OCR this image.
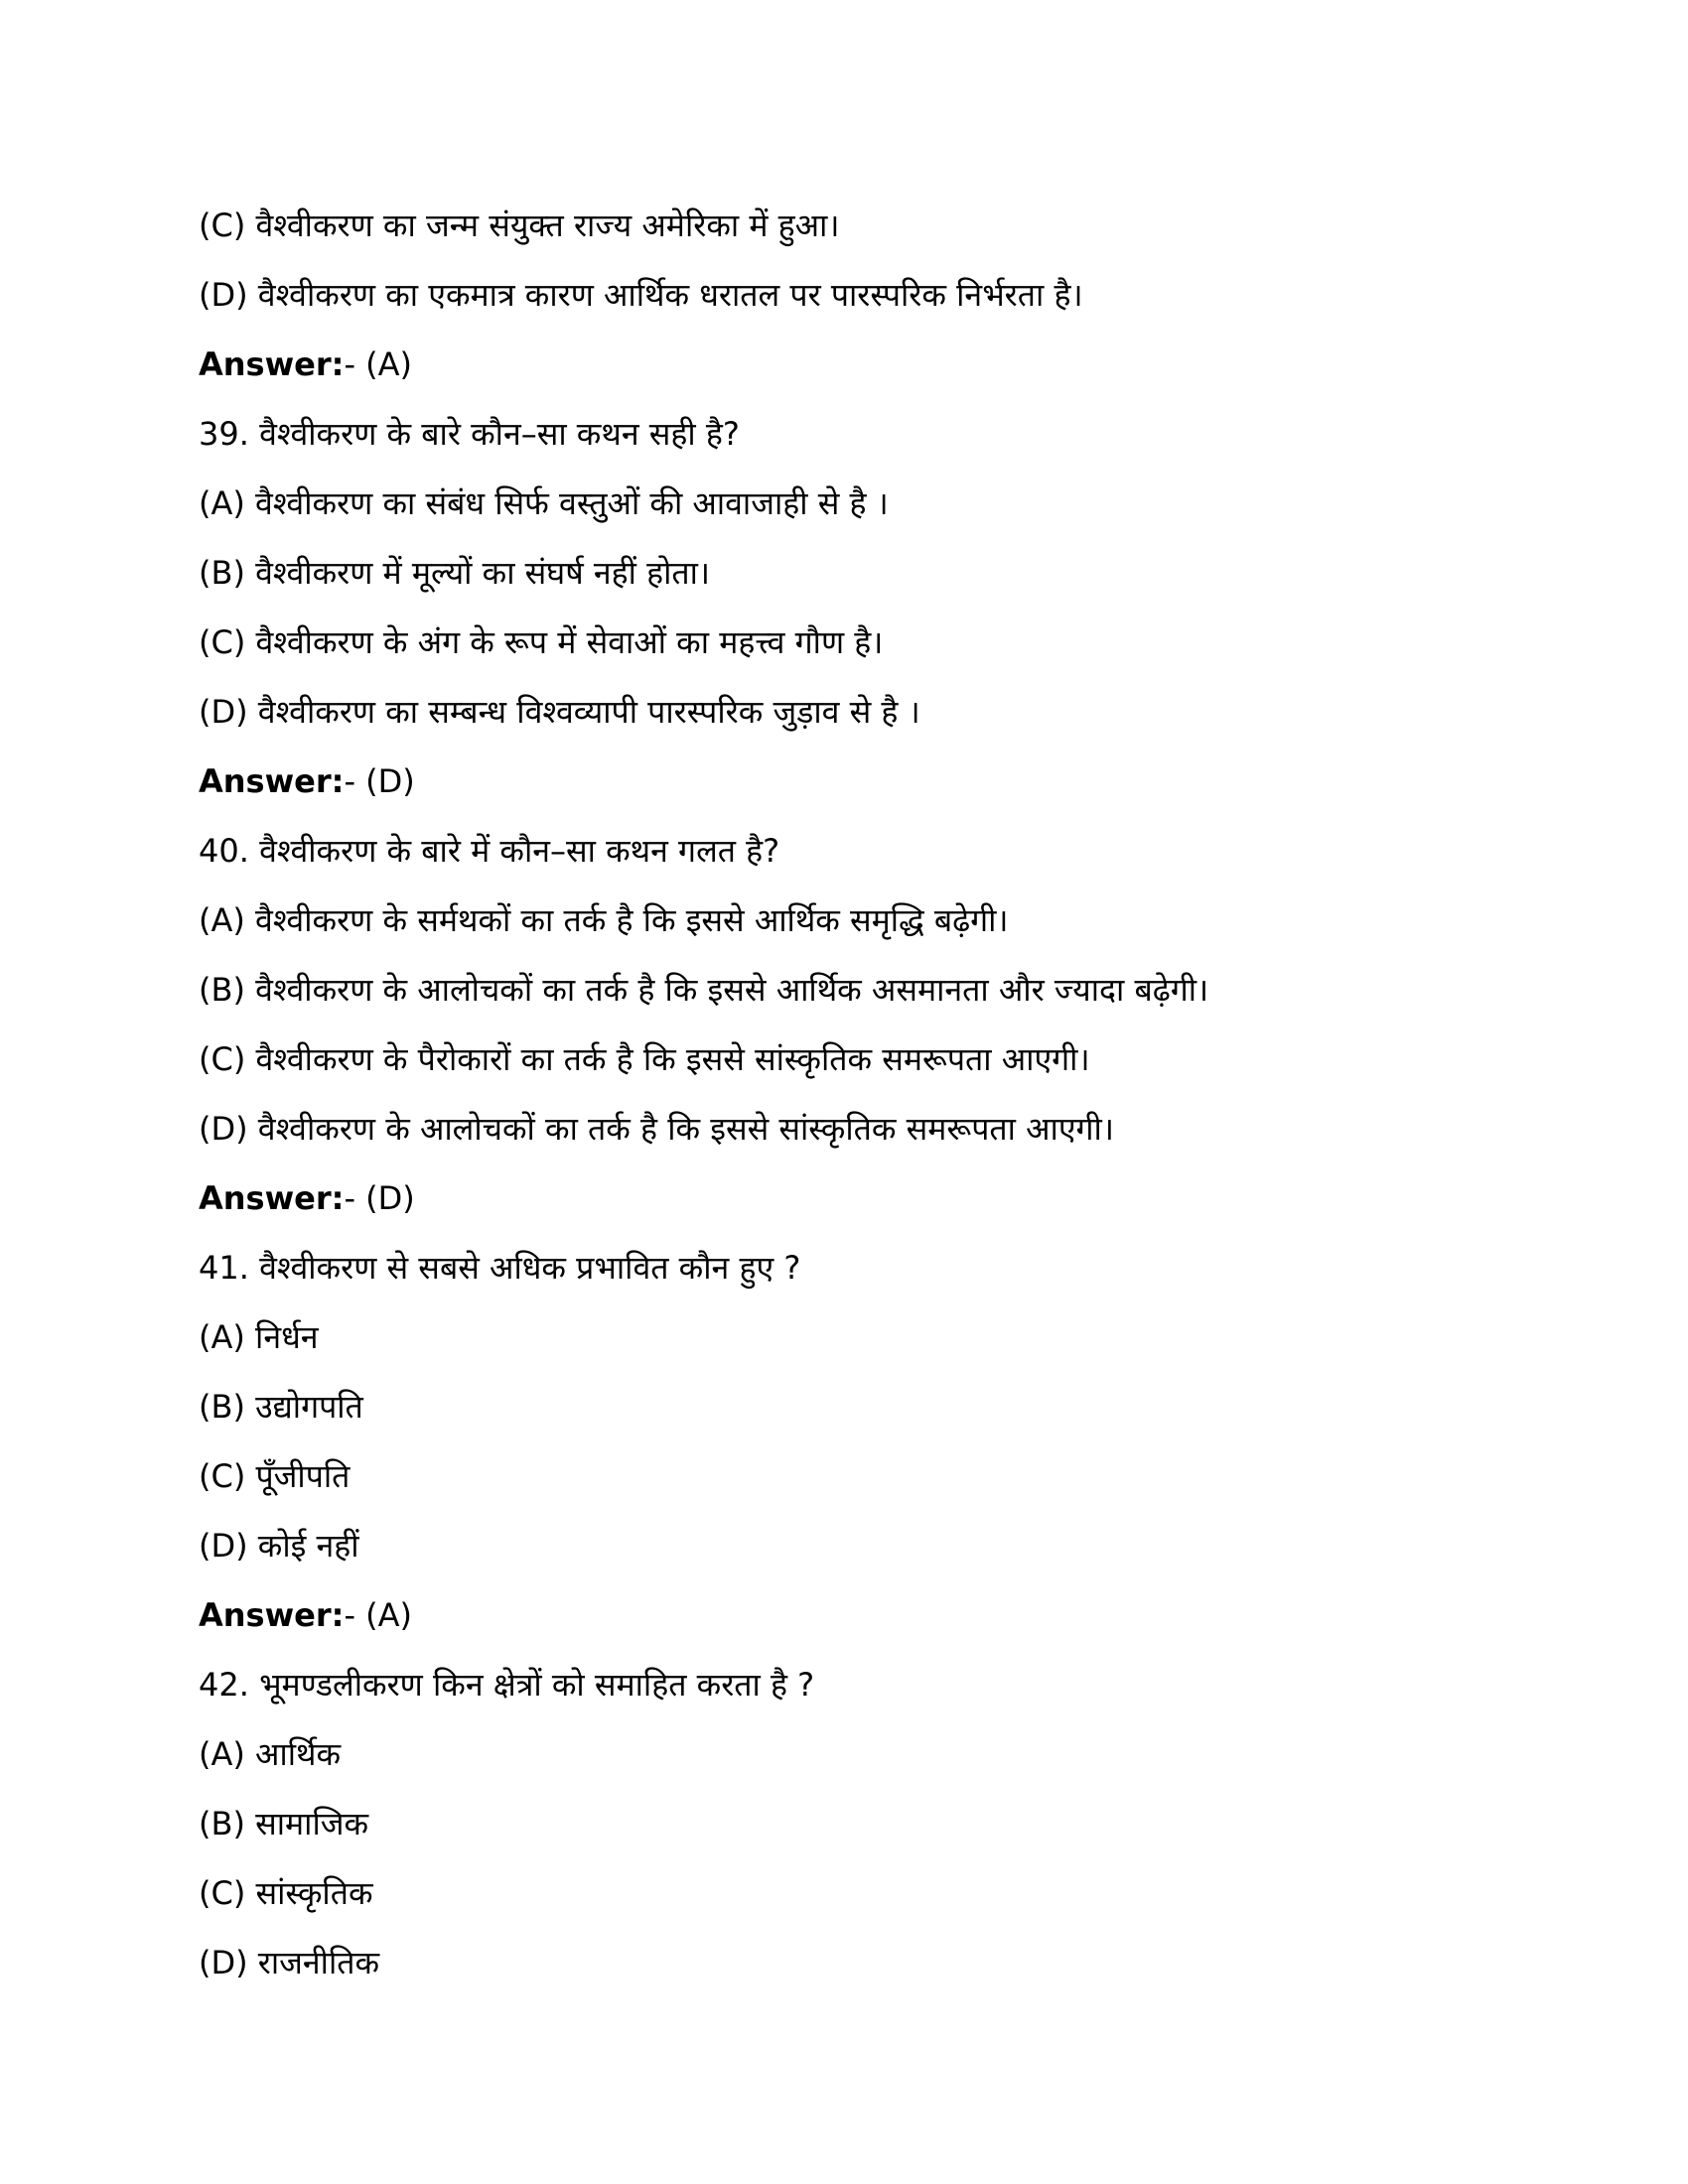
(C) वैश्वीकरण का जन्म संयुक्त राज्य अमेरिका में हुआ।
(D) वैश्वीकरण का एकमात्र कारण आर्थिक धरातल पर पारस्परिक निर्भरता है।
Answer:- (A)
39. वैश्वीकरण के बारे कौन–सा कथन सही है?
(A) वैश्वीकरण का संबंध सिर्फ वस्तुओं की आवाजाही से है ।
(B) वैश्वीकरण में मूल्यों का संघर्ष नहीं होता।
(C) वैश्वीकरण के अंग के रूप में सेवाओं का महत्त्व गौण है।
(D) वैश्वीकरण का सम्बन्ध विश्वव्यापी पारस्परिक जुड़ाव से है ।
Answer:- (D)
40. वैश्वीकरण के बारे में कौन–सा कथन गलत है?
(A) वैश्वीकरण के सर्मथकों का तर्क है कि इससे आर्थिक समृद्धि बढ़ेगी।
(B) वैश्वीकरण के आलोचकों का तर्क है कि इससे आर्थिक असमानता और ज्यादा बढ़ेगी।
(C) वैश्वीकरण के पैरोकारों का तर्क है कि इससे सांस्कृतिक समरूपता आएगी।
(D) वैश्वीकरण के आलोचकों का तर्क है कि इससे सांस्कृतिक समरूपता आएगी।
Answer:- (D)
41. वैश्वीकरण से सबसे अधिक प्रभावित कौन हुए ?
(A) निर्धन
(B) उद्योगपति
(C) पूँजीपति
(D) कोई नहीं
Answer:- (A)
42. भूमण्डलीकरण किन क्षेत्रों को समाहित करता है ?
(A) आर्थिक
(B) सामाजिक
(C) सांस्कृतिक
(D) राजनीतिक
